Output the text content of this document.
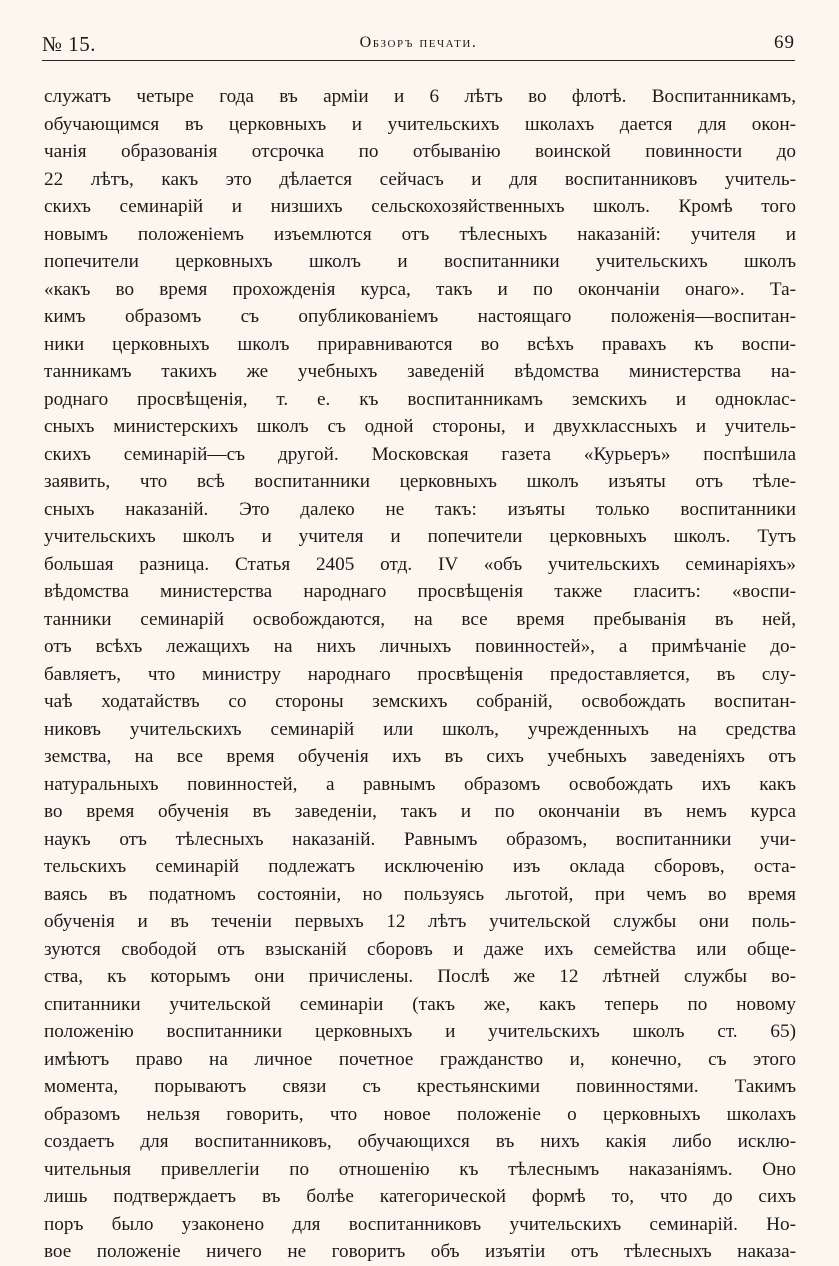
№ 15.	Обзоръ печати.	69
служатъ четыре года въ арміи и 6 лѣтъ во флотѣ. Воспитанникамъ,
обучающимся въ церковныхъ и учительскихъ школахъ дается для окон-
чанія образованія отсрочка по отбыванію воинской повинности до
22 лѣтъ, какъ это дѣлается сейчасъ и для воспитанниковъ учитель-
скихъ семинарій и низшихъ сельскохозяйственныхъ школъ. Кромѣ того
новымъ положеніемъ изъемлются отъ тѣлесныхъ наказаній: учителя и
попечители церковныхъ школъ и воспитанники учительскихъ школъ
«какъ во время прохожденія курса, такъ и по окончаніи онаго». Та-
кимъ образомъ съ опубликованіемъ настоящаго положенія—воспитан-
ники церковныхъ школъ приравниваются во всѣхъ правахъ къ воспи-
танникамъ такихъ же учебныхъ заведеній вѣдомства министерства на-
роднаго просвѣщенія, т. е. къ воспитанникамъ земскихъ и одноклас-
сныхъ министерскихъ школъ съ одной стороны, и двухклассныхъ и учитель-
скихъ семинарій—съ другой. Московская газета «Курьеръ» поспѣшила
заявить, что всѣ воспитанники церковныхъ школъ изъяты отъ тѣле-
сныхъ наказаній. Это далеко не такъ: изъяты только воспитанники
учительскихъ школъ и учителя и попечители церковныхъ школъ. Тутъ
большая разница. Статья 2405 отд. IV «объ учительскихъ семинаріяхъ»
вѣдомства министерства народнаго просвѣщенія также гласитъ: «воспи-
танники семинарій освобождаются, на все время пребыванія въ ней,
отъ всѣхъ лежащихъ на нихъ личныхъ повинностей», а примѣчаніе до-
бавляетъ, что министру народнаго просвѣщенія предоставляется, въ слу-
чаѣ ходатайствъ со стороны земскихъ собраній, освобождать воспитан-
никовъ учительскихъ семинарій или школъ, учрежденныхъ на средства
земства, на все время обученія ихъ въ сихъ учебныхъ заведеніяхъ отъ
натуральныхъ повинностей, а равнымъ образомъ освобождать ихъ какъ
во время обученія въ заведеніи, такъ и по окончаніи въ немъ курса
наукъ отъ тѣлесныхъ наказаній. Равнымъ образомъ, воспитанники учи-
тельскихъ семинарій подлежатъ исключенію изъ оклада сборовъ, оста-
ваясь въ податномъ состояніи, но пользуясь льготой, при чемъ во время
обученія и въ теченіи первыхъ 12 лѣтъ учительской службы они поль-
зуются свободой отъ взысканій сборовъ и даже ихъ семейства или обще-
ства, къ которымъ они причислены. Послѣ же 12 лѣтней службы во-
спитанники учительской семинаріи (такъ же, какъ теперь по новому
положенію воспитанники церковныхъ и учительскихъ школъ ст. 65)
имѣютъ право на личное почетное гражданство и, конечно, съ этого
момента, порываютъ связи съ крестьянскими повинностями. Такимъ
образомъ нельзя говорить, что новое положеніе о церковныхъ школахъ
создаетъ для воспитанниковъ, обучающихся въ нихъ какія либо исклю-
чительныя привеллегіи по отношенію къ тѣлеснымъ наказаніямъ. Оно
лишь подтверждаетъ въ болѣе категорической формѣ то, что до сихъ
поръ было узаконено для воспитанниковъ учительскихъ семинарій. Но-
вое положеніе ничего не говоритъ объ изъятіи отъ тѣлесныхъ наказа-
